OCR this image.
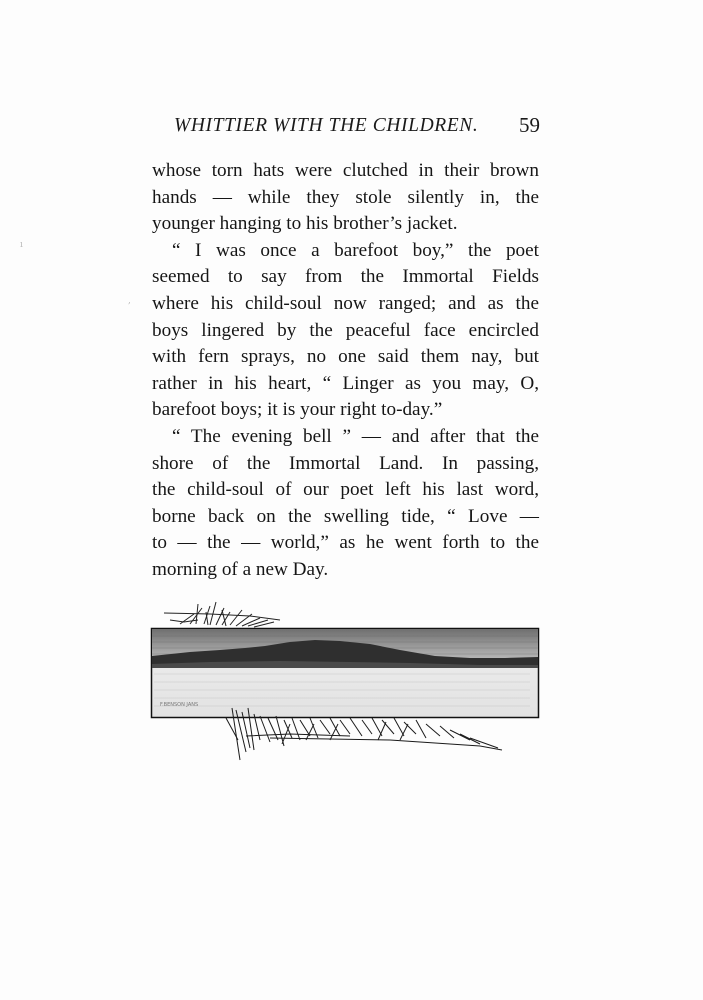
WHITTIER WITH THE CHILDREN. 59
ı
,
whose torn hats were clutched in their brown
hands — while they stole silently in, the
younger hanging to his brother’s jacket.
“ I was once a barefoot boy,” the poet
seemed to say from the Immortal Fields
where his child-soul now ranged; and as the
boys lingered by the peaceful face encircled
with fern sprays, no one said them nay, but
rather in his heart, “ Linger as you may, O,
barefoot boys; it is your right to-day.”
“ The evening bell ” — and after that the
shore of the Immortal Land. In passing,
the child-soul of our poet left his last word,
borne back on the swelling tide, “ Love —
to — the — world,” as he went forth to the
morning of a new Day.
F.BENSON JANS
